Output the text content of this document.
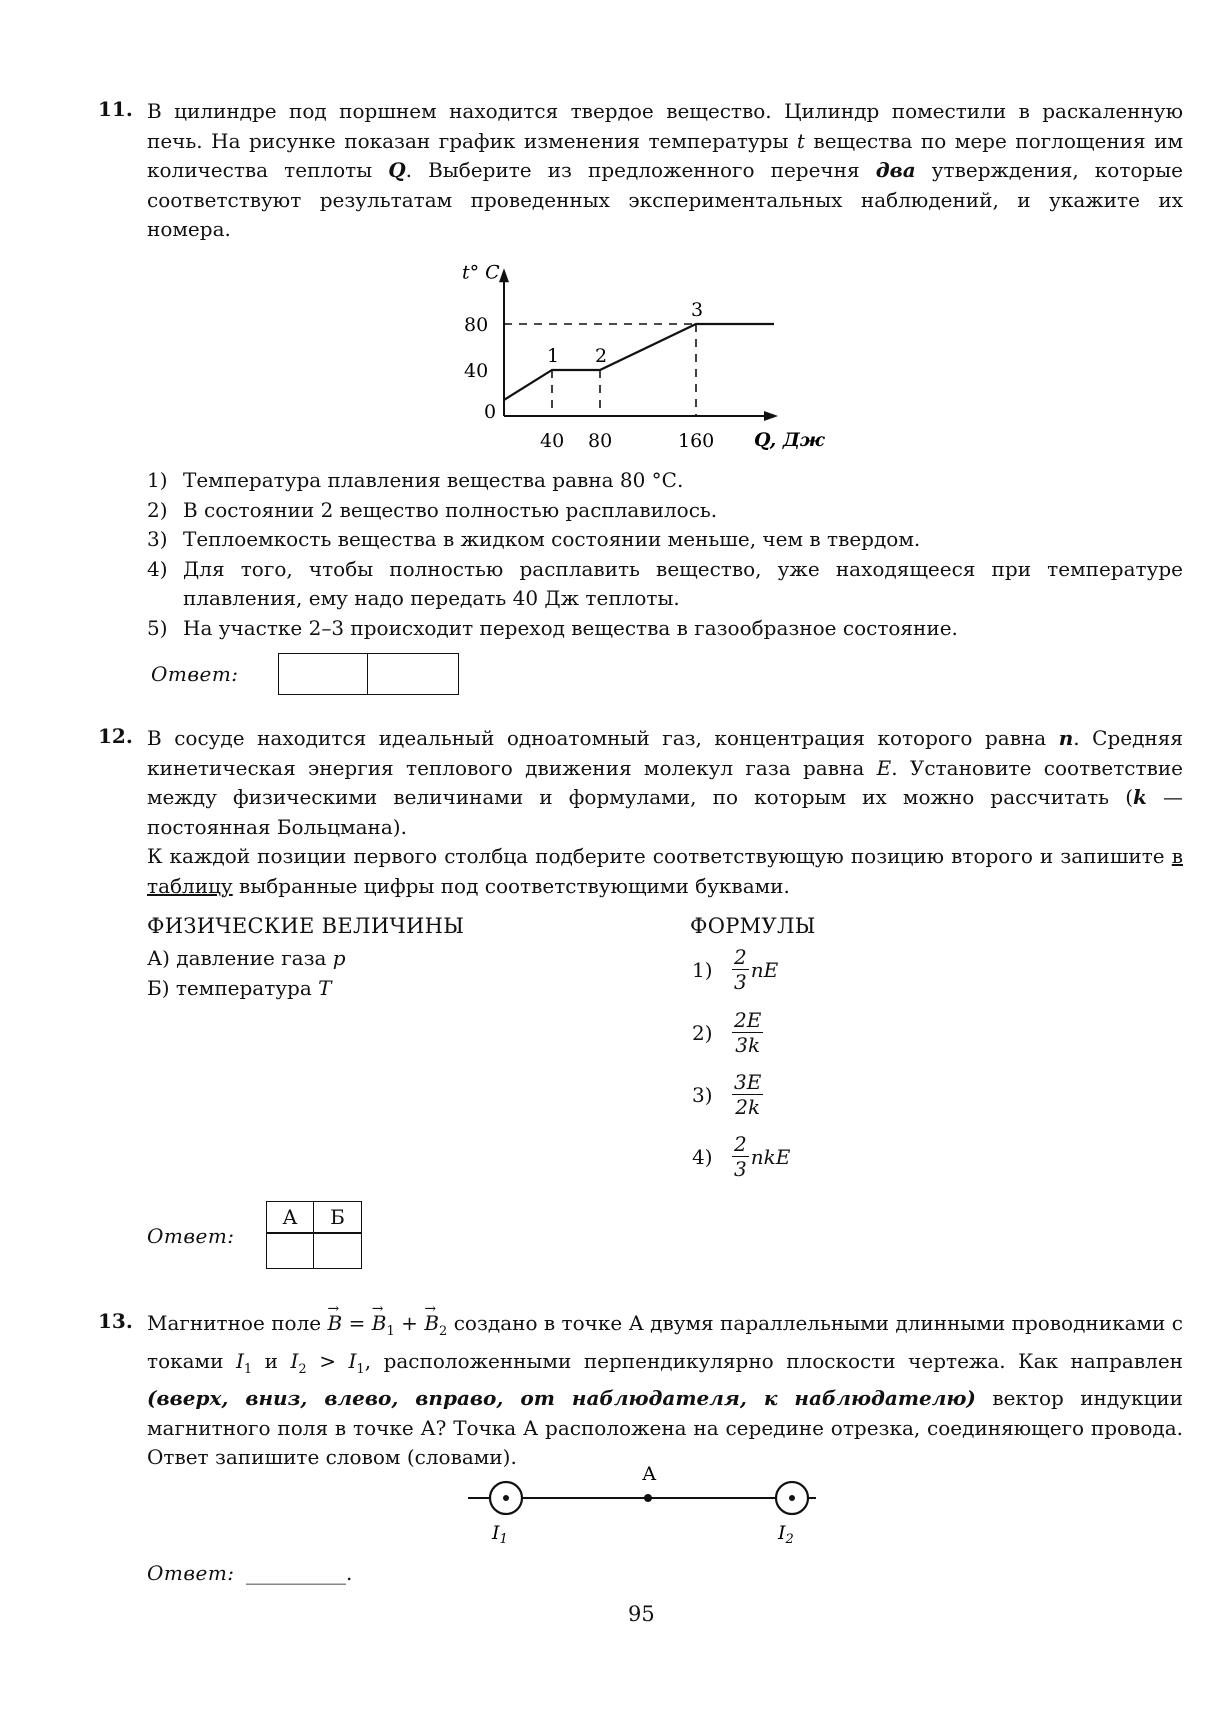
11. В цилиндре под поршнем находится твердое вещество. Цилиндр поместили в раскаленную печь. На рисунке показан график изменения температуры t вещества по мере поглощения им количества теплоты Q. Выберите из предложенного перечня два утверждения, которые соответствуют результатам проведенных экспериментальных наблюдений, и укажите их номера.
t° С
Q, Дж
0
40
80
40 80	160
1 2
3
1) Температура плавления вещества равна 80 °С.
2) В состоянии 2 вещество полностью расплавилось.
3) Теплоемкость вещества в жидком состоянии меньше, чем в твердом.
4) Для того, чтобы полностью расплавить вещество, уже находящееся при температуре плавления, ему надо передать 40 Дж теплоты.
5) На участке 2–3 происходит переход вещества в газообразное состояние.
Ответ:
12. В сосуде находится идеальный одноатомный газ, концентрация которого равна n. Средняя кинетическая энергия теплового движения молекул газа равна E. Установите соответствие между физическими величинами и формулами, по которым их можно рассчитать (k — постоянная Больцмана).
К каждой позиции первого столбца подберите соответствующую позицию второго и запишите в таблицу выбранные цифры под соответствующими буквами.
ФИЗИЧЕСКИЕ ВЕЛИЧИНЫ	ФОРМУЛЫ
А) давление газа p
Б) температура T
$1) \frac{2}{3}$ nE
$2) \frac{2E}{3k}$
$3) \frac{3E}{2k}$
$4) \frac{2}{3}$ nkE
Ответ:
А	Б
13. Магнитное поле → B = → $B_1$ + → $B_2$ создано в точке А двумя параллельными длинными проводниками с токами $I_1$ и $I_2 > I_1$, расположенными перпендикулярно плоскости чертежа. Как направлен (вверх, вниз, влево, вправо, от наблюдателя, к наблюдателю) вектор индукции магнитного поля в точке А? Точка А расположена на середине отрезка, соединяющего провода. Ответ запишите словом (словами).
А
$I_1$	$I_2$
Ответ: __________.
95
